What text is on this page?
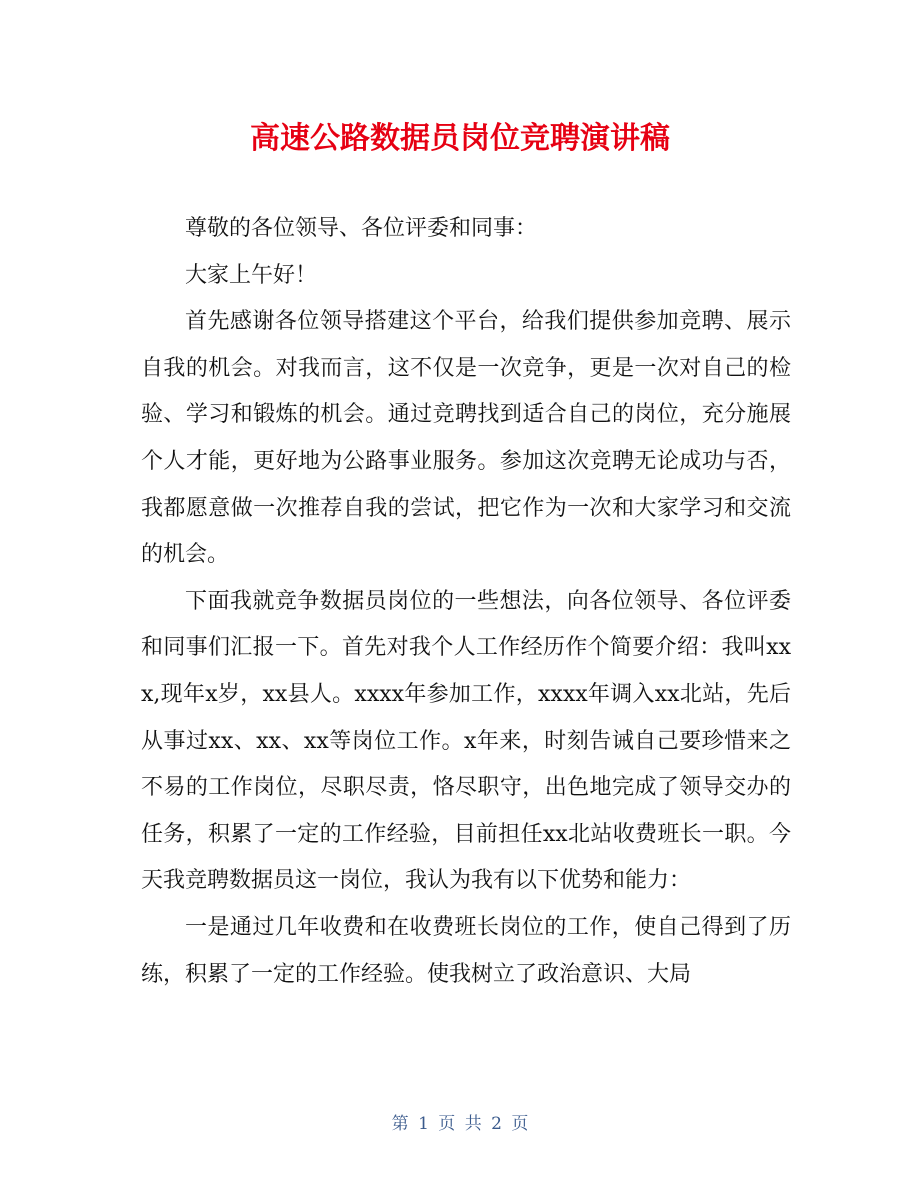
高速公路数据员岗位竞聘演讲稿

尊敬的各位领导、各位评委和同事：

大家上午好！

首先感谢各位领导搭建这个平台，给我们提供参加竞聘、展示自我的机会。对我而言，这不仅是一次竞争，更是一次对自己的检验、学习和锻炼的机会。通过竞聘找到适合自己的岗位，充分施展个人才能，更好地为公路事业服务。参加这次竞聘无论成功与否，我都愿意做一次推荐自我的尝试，把它作为一次和大家学习和交流的机会。

下面我就竞争数据员岗位的一些想法，向各位领导、各位评委和同事们汇报一下。首先对我个人工作经历作个简要介绍：我叫xxx,现年x岁，xx县人。xxxx年参加工作，xxxx年调入xx北站，先后从事过xx、xx、xx等岗位工作。x年来，时刻告诫自己要珍惜来之不易的工作岗位，尽职尽责，恪尽职守，出色地完成了领导交办的任务，积累了一定的工作经验，目前担任xx北站收费班长一职。今天我竞聘数据员这一岗位，我认为我有以下优势和能力：

一是通过几年收费和在收费班长岗位的工作，使自己得到了历练，积累了一定的工作经验。使我树立了政治意识、大局

第 1 页 共 2 页
